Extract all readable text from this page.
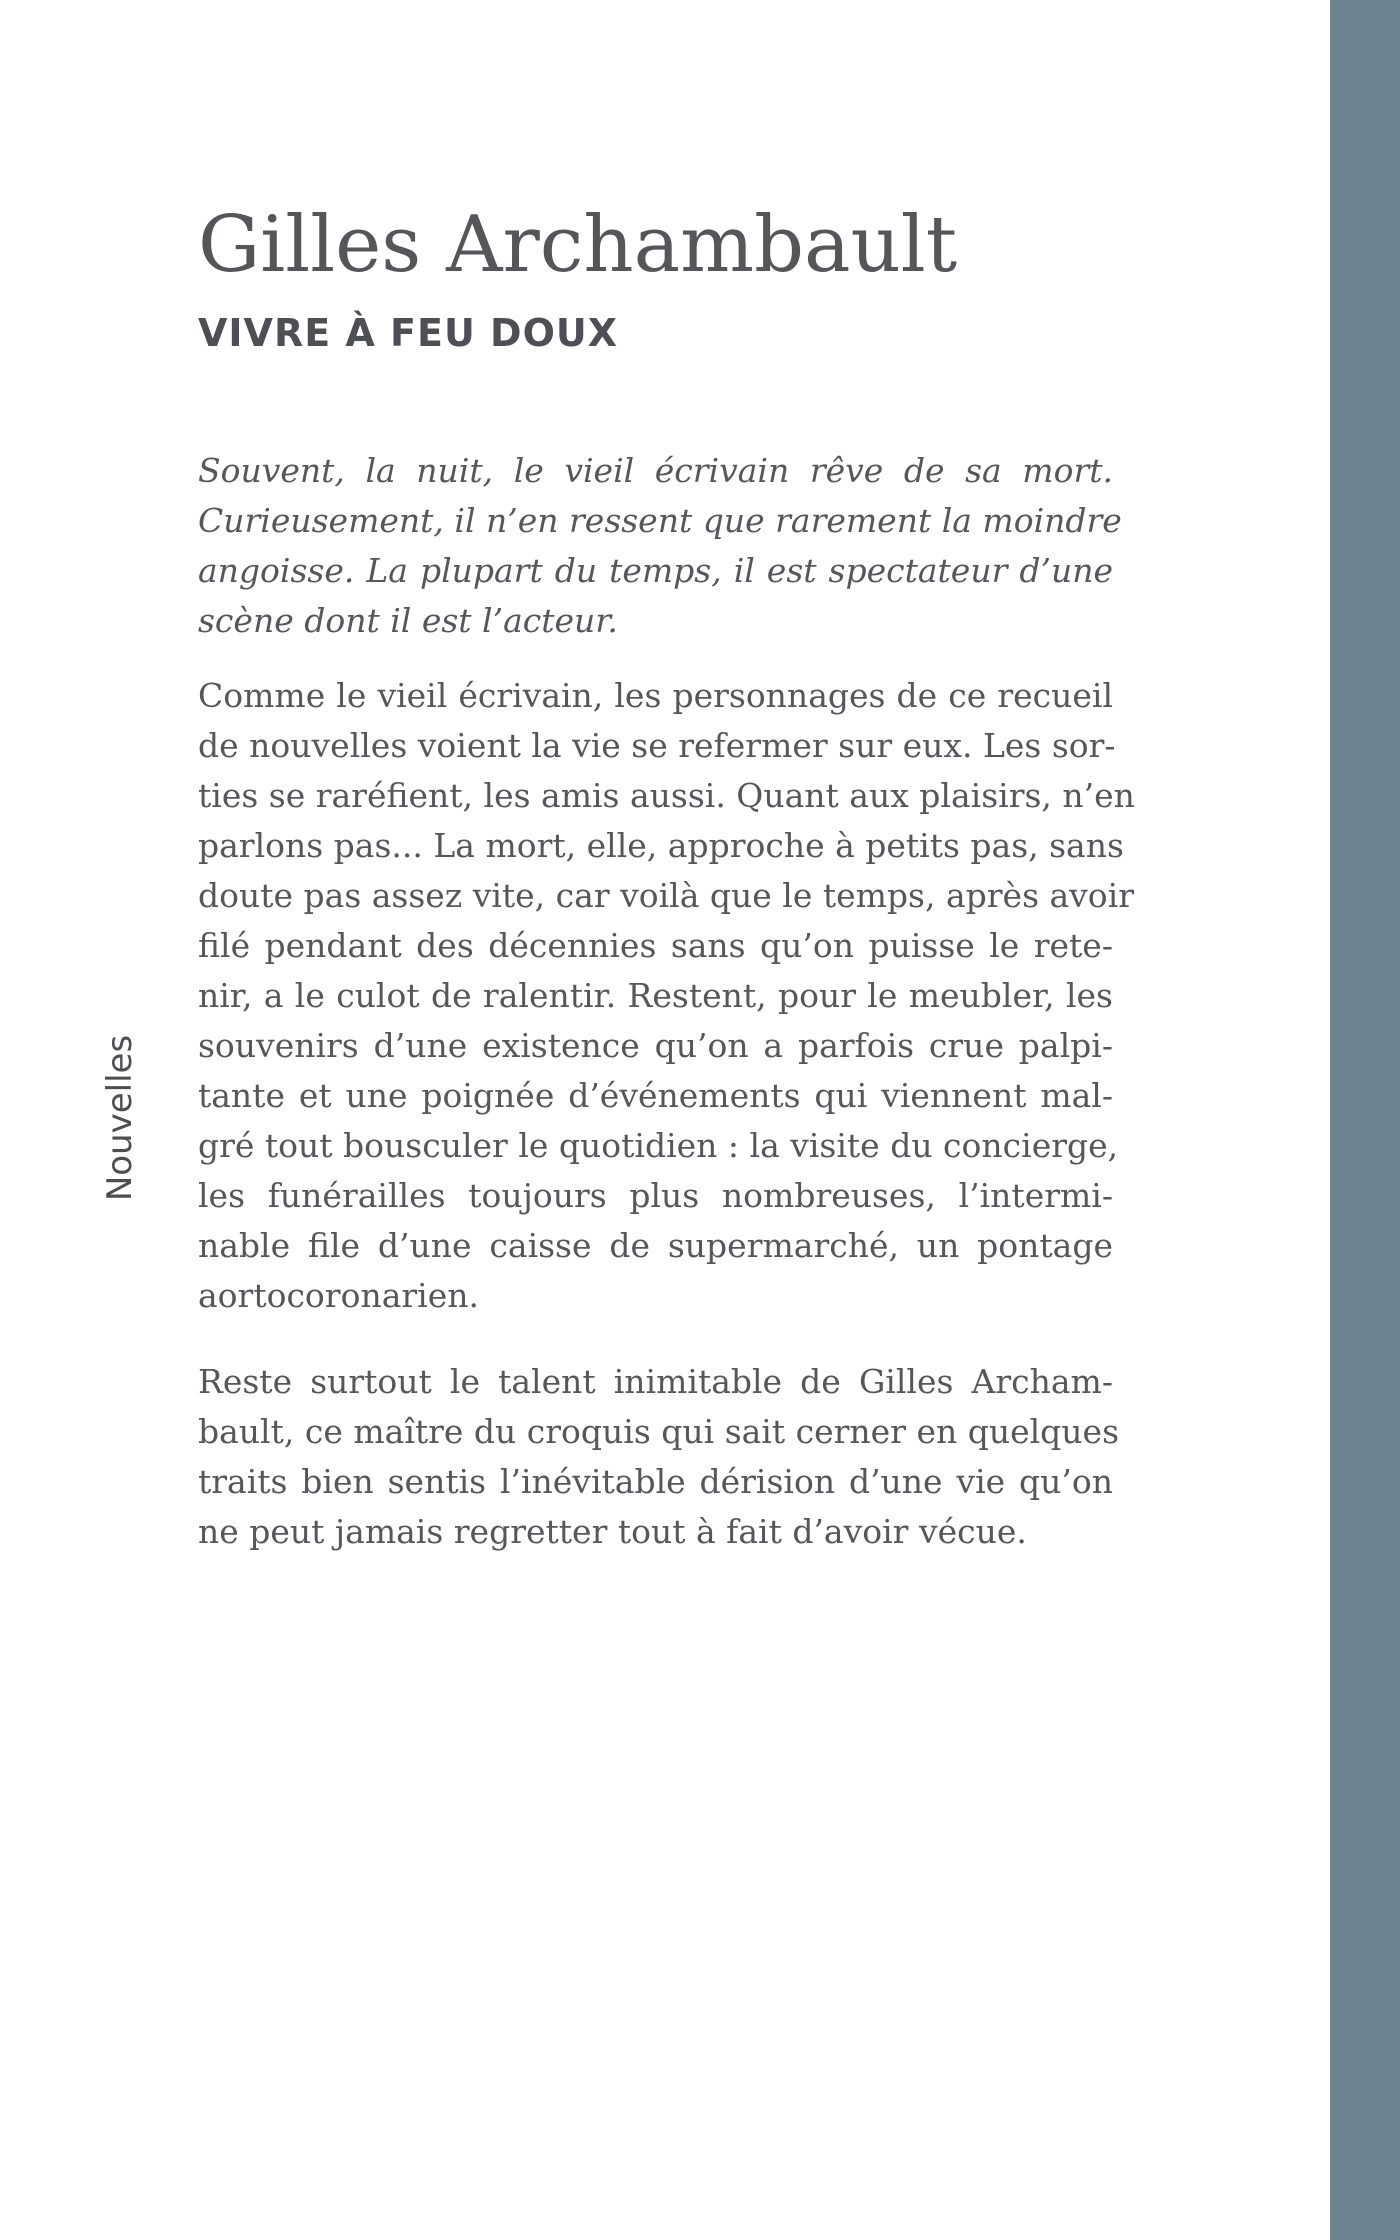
Nouvelles
Gilles Archambault
VIVRE À FEU DOUX
Souvent, la nuit, le vieil écrivain rêve de sa mort.
Curieusement, il n’en ressent que rarement la moindre
angoisse. La plupart du temps, il est spectateur d’une
scène dont il est l’acteur.
Comme le vieil écrivain, les personnages de ce recueil
de nouvelles voient la vie se refermer sur eux. Les sor-
ties se raréfient, les amis aussi. Quant aux plaisirs, n’en
parlons pas... La mort, elle, approche à petits pas, sans
doute pas assez vite, car voilà que le temps, après avoir
filé pendant des décennies sans qu’on puisse le rete-
nir, a le culot de ralentir. Restent, pour le meubler, les
souvenirs d’une existence qu’on a parfois crue palpi-
tante et une poignée d’événements qui viennent mal-
gré tout bousculer le quotidien : la visite du concierge,
les funérailles toujours plus nombreuses, l’intermi-
nable file d’une caisse de supermarché, un pontage
aortocoronarien.
Reste surtout le talent inimitable de Gilles Archam-
bault, ce maître du croquis qui sait cerner en quelques
traits bien sentis l’inévitable dérision d’une vie qu’on
ne peut jamais regretter tout à fait d’avoir vécue.
